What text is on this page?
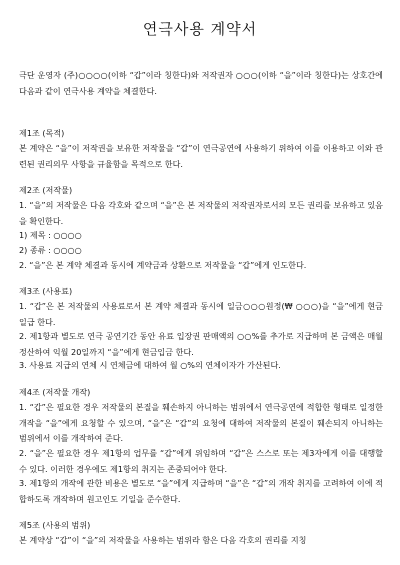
연극사용 계약서

극단 운영자 (주)○○○○(이하 “갑”이라 칭한다)와 저작권자 ○○○(이하 “을”이라 칭한다)는 상호간에 다음과 같이 연극사용 계약을 체결한다.

제1조 (목적)

본 계약은 “을”이 저작권을 보유한 저작물을 “갑”이 연극공연에 사용하기 위하여 이를 이용하고 이와 관련된 권리의무 사항을 규율함을 목적으로 한다.

제2조 (저작물)

1. “을”의 저작물은 다음 각호와 같으며 “을”은 본 저작물의 저작권자로서의 모든 권리를 보유하고 있음을 확인한다.

1) 제목 : ○○○○

2) 종류 : ○○○○

2. “을”은 본 계약 체결과 동시에 계약금과 상환으로 저작물을 “갑”에게 인도한다.

제3조 (사용료)

1. “갑”은 본 저작물의 사용료로서 본 계약 체결과 동시에 일금○○○원정(₩ ○○○)을 “을”에게 현금 일급 한다.

2. 제1항과 별도로 연극 공연기간 동안 유료 입장권 판매액의 ○○%를 추가로 지급하며 본 금액은 매월 정산하여 익월 20일까지 “을”에게 현금입금 한다.

3. 사용료 지급의 연체 시 연체금에 대하여 월 ○%의 연체이자가 가산된다.

제4조 (저작물 개작)

1. “갑”은 필요한 경우 저작물의 본질을 훼손하지 아니하는 범위에서 연극공연에 적합한 형태로 일정한 개작을 “을”에게 요청할 수 있으며, “을”은 “갑”의 요청에 대하여 저작물의 본질이 훼손되지 아니하는 범위에서 이를 개작하여 준다.

2. “을”은 필요한 경우 제1항의 업무를 “갑”에게 위임하며 “갑”은 스스로 또는 제3자에게 이를 대행할 수 있다. 이러한 경우에도 제1항의 취지는 존중되어야 한다.

3. 제1항의 개작에 관한 비용은 별도로 “을”에게 지급하며 “을”은 “갑”의 개작 취지를 고려하여 이에 적합하도록 개작하며 원고인도 기일을 준수한다.

제5조 (사용의 범위)

본 계약상 “갑”이 “을”의 저작물을 사용하는 범위라 함은 다음 각호의 권리를 지칭
